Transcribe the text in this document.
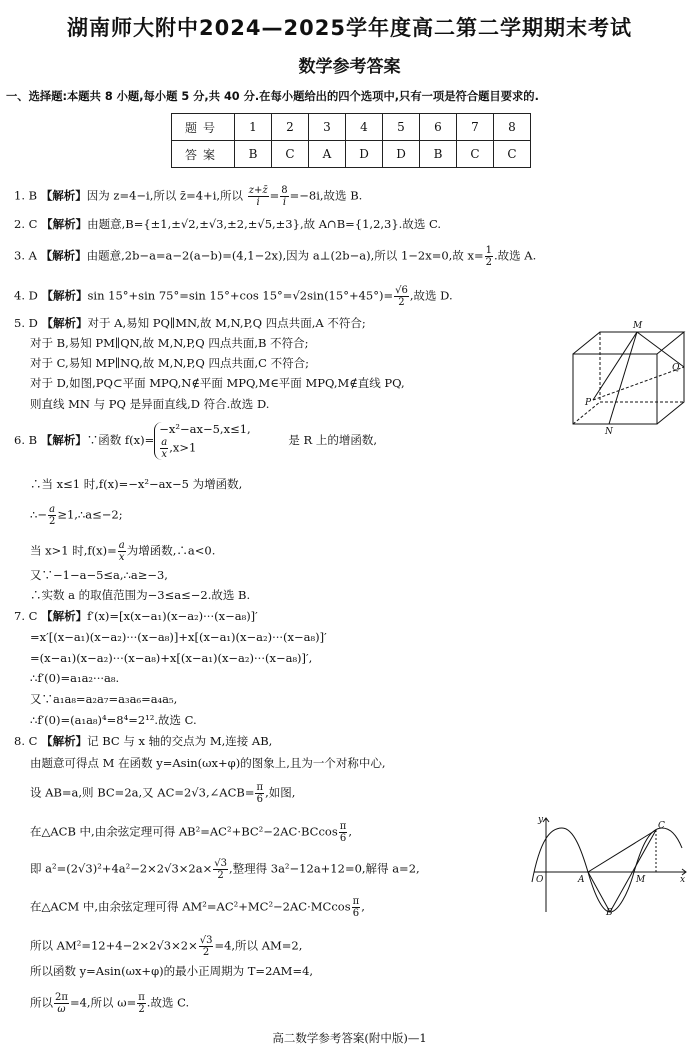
湖南师大附中2024—2025学年度高二第二学期期末考试
数学参考答案
一、选择题:本题共 8 小题,每小题 5 分,共 40 分.在每小题给出的四个选项中,只有一项是符合题目要求的.
题号	1	2	3	4	5	6	7	8
答案	B	C	A	D	D	B	C	C
1. B 【解析】因为 z=4−i,所以 z̄=4+i,所以 $\frac{z+z̄}{i} = \frac{8}{i} =-8i$,故选 B.
2. C 【解析】由题意,B={±1,±√2,±√3,±2,±√5,±3},故 A∩B={1,2,3}.故选 C.
3. A 【解析】由题意,2b−a=a−2(a−b)=(4,1−2x),因为 a⊥(2b−a),所以 1−2x=0,故 $x= \frac{1}{2}$ .故选 A.
4. D 【解析】sin 15°+sin 75°=sin 15°+cos $15^\circ=√2\sin(15^\circ+45^\circ)= \frac{√6}{2}$ ,故选 D.
5. D 【解析】对于 A,易知 PQ∥MN,故 M,N,P,Q 四点共面,A 不符合;
对于 B,易知 PM∥QN,故 M,N,P,Q 四点共面,B 不符合;
对于 C,易知 MP∥NQ,故 M,N,P,Q 四点共面,C 不符合;
对于 D,如图,PQ⊂平面 MPQ,N∉平面 MPQ,M∈平面 MPQ,M∉直线 PQ,
则直线 MN 与 PQ 是异面直线,D 符合.故选 D.
M
Q
P
N
6. B 【解析】∵函数 f(x)=
−x²−ax−5,x≤1,
$\frac{a}{x} ,x>1$
是 R 上的增函数,
∴当 x≤1 时,f(x)=−x²−ax−5 为增函数,
∴− $\frac{a}{2}$ ≥1,∴a≤−2;
当 x>1 时$,f(x)= \frac{a}{x}$ 为增函数,∴a<0.
又∵−1−a−5≤a,∴a≥−3,
∴实数 a 的取值范围为−3≤a≤−2.故选 B.
7. C 【解析】f′(x)=[x(x−a₁)(x−a₂)···(x−a₈)]′
=x′[(x−a₁)(x−a₂)···(x−a₈)]+x[(x−a₁)(x−a₂)···(x−a₈)]′
=(x−a₁)(x−a₂)···(x−a₈)+x[(x−a₁)(x−a₂)···(x−a₈)]′,
∴f′(0)=a₁a₂···a₈.
又∵a₁a₈=a₂a₇=a₃a₆=a₄a₅,
∴f′(0)=(a₁a₈)⁴=8⁴=2¹².故选 C.
8. C 【解析】记 BC 与 x 轴的交点为 M,连接 AB,
由题意可得点 M 在函数 y=Asin(ωx+φ)的图象上,且为一个对称中心,
设 AB=a,则 BC=2a,又 AC=2√3,∠ACB= $\frac{\pi}{6}$ ,如图,
在△ACB 中,由余弦定理可得 $AB^2=AC^2+BC^2-2AC\cdot BCcos \frac{\pi}{6}$ ,
即 $a^2=(2√3)^2+4a^2-2\times 2√3\times 2a\times \frac{√3}{2}$ ,整理得 3a²−12a+12=0,解得 a=2,
在△ACM 中,由余弦定理可得 $AM^2=AC^2+MC^2-2AC\cdot MCcos \frac{\pi}{6}$ ,
所以 $AM^2=12+4-2\times 2√3\times 2\times \frac{√3}{2} =4$,所以 AM=2,
所以函数 y=Asin(ωx+φ)的最小正周期为 T=2AM=4,
所以 $\frac{2\pi}{\omega} =4$,所以 $\omega= \frac{\pi}{2}$ .故选 C.
y
O	A	M
B
C
x
高二数学参考答案(附中版)—1
